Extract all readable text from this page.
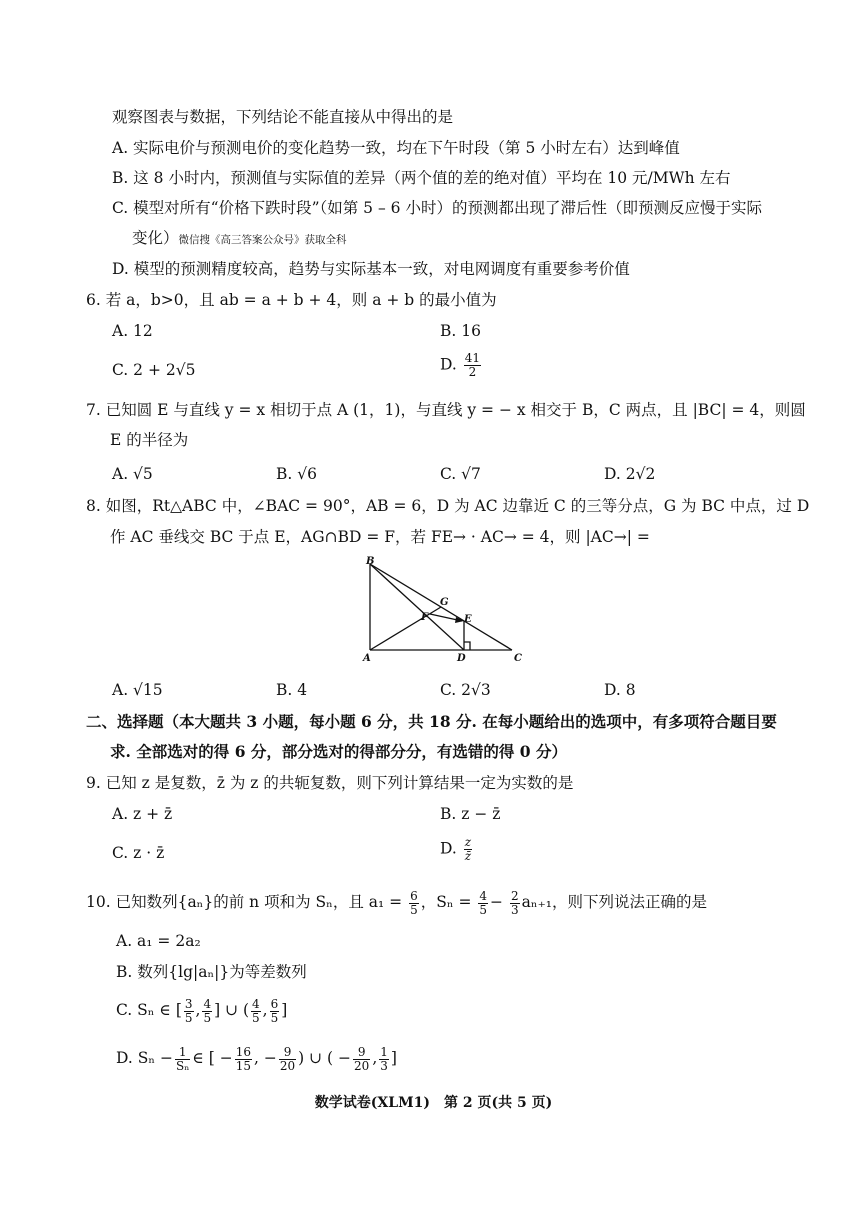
观察图表与数据，下列结论不能直接从中得出的是
A. 实际电价与预测电价的变化趋势一致，均在下午时段（第 5 小时左右）达到峰值
B. 这 8 小时内，预测值与实际值的差异（两个值的差的绝对值）平均在 10 元/MWh 左右
C. 模型对所有“价格下跌时段”（如第 5 – 6 小时）的预测都出现了滞后性（即预测反应慢于实际
变化）微信搜《高三答案公众号》获取全科
D. 模型的预测精度较高，趋势与实际基本一致，对电网调度有重要参考价值
6. 若 a，b>0，且 ab = a + b + 4，则 a + b 的最小值为
A. 12	B. 16
C. 2 + 2√5	D. $\frac{41}{2}$
7. 已知圆 E 与直线 y = x 相切于点 A (1，1)，与直线 y = − x 相交于 B，C 两点，且 |BC| = 4，则圆
E 的半径为
A. √5	B. √6	C. √7	D. 2√2
8. 如图，Rt△ABC 中，∠BAC = 90°，AB = 6，D 为 AC 边靠近 C 的三等分点，G 为 BC 中点，过 D
作 AC 垂线交 BC 于点 E，AG∩BD = F，若 FE→ · AC→ = 4，则 |AC→| =
B
G
F	E
A	D	C
A. √15	B. 4	C. 2√3	D. 8
二、选择题（本大题共 3 小题，每小题 6 分，共 18 分. 在每小题给出的选项中，有多项符合题目要
求. 全部选对的得 6 分，部分选对的得部分分，有选错的得 0 分）
9. 已知 z 是复数，z̄ 为 z 的共轭复数，则下列计算结果一定为实数的是
A. z + z̄	B. z − z̄
C. z · z̄	D. $\frac{z}{z̄}$
10. 已知数列{aₙ}的前 n 项和为 Sₙ，且 $a_1 = \frac{6}{5}$ ，$S_n = \frac{4}{5} - \frac{2}{3} a_{n+1}$，则下列说法正确的是
A. a₁ = 2a₂
B. 数列{lg|aₙ|}为等差数列
C. Sₙ ∈ [ $\frac{3}{5}$ , $\frac{4}{5}$ ] ∪ ( $\frac{4}{5}$ , $\frac{6}{5}$ ]
D. $S_n - \frac{1}{\text{Sₙ}}$ ∈ [ − $\frac{16}{15}$ , − $\frac{9}{20}$ ) ∪ ( − $\frac{9}{20}$ , $\frac{1}{3}$ ]
数学试卷(XLM1)　第 2 页(共 5 页)
